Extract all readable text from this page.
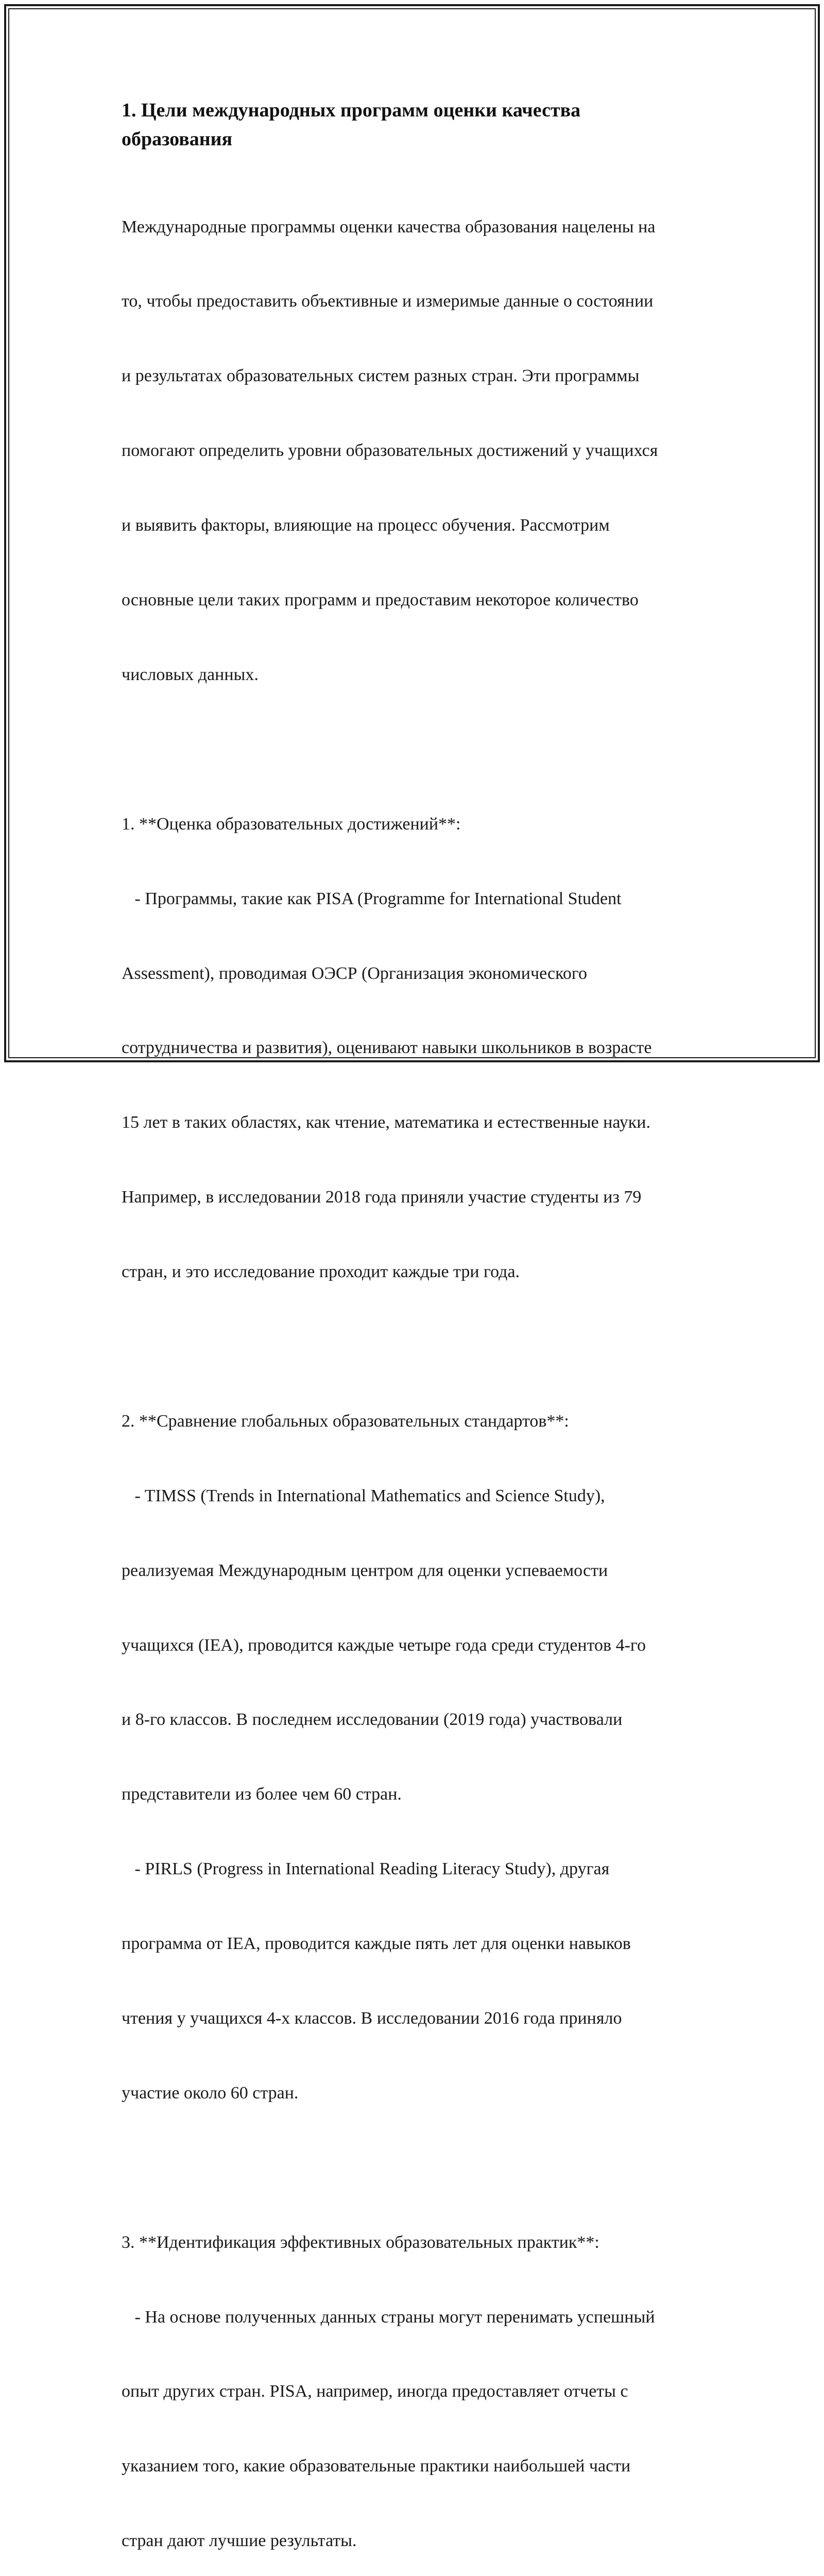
1. Цели международных программ оценки качества
образования

Международные программы оценки качества образования нацелены на

то, чтобы предоставить объективные и измеримые данные о состоянии

и результатах образовательных систем разных стран. Эти программы

помогают определить уровни образовательных достижений у учащихся

и выявить факторы, влияющие на процесс обучения. Рассмотрим

основные цели таких программ и предоставим некоторое количество

числовых данных.

1. **Оценка образовательных достижений**:

- Программы, такие как PISA (Programme for International Student

Assessment), проводимая ОЭСР (Организация экономического

сотрудничества и развития), оценивают навыки школьников в возрасте

15 лет в таких областях, как чтение, математика и естественные науки.

Например, в исследовании 2018 года приняли участие студенты из 79

стран, и это исследование проходит каждые три года.

2. **Сравнение глобальных образовательных стандартов**:

- TIMSS (Trends in International Mathematics and Science Study),

реализуемая Международным центром для оценки успеваемости

учащихся (IEA), проводится каждые четыре года среди студентов 4-го

и 8-го классов. В последнем исследовании (2019 года) участвовали

представители из более чем 60 стран.

- PIRLS (Progress in International Reading Literacy Study), другая

программа от IEA, проводится каждые пять лет для оценки навыков

чтения у учащихся 4-х классов. В исследовании 2016 года приняло

участие около 60 стран.

3. **Идентификация эффективных образовательных практик**:

- На основе полученных данных страны могут перенимать успешный

опыт других стран. PISA, например, иногда предоставляет отчеты с

указанием того, какие образовательные практики наибольшей части

стран дают лучшие результаты.
